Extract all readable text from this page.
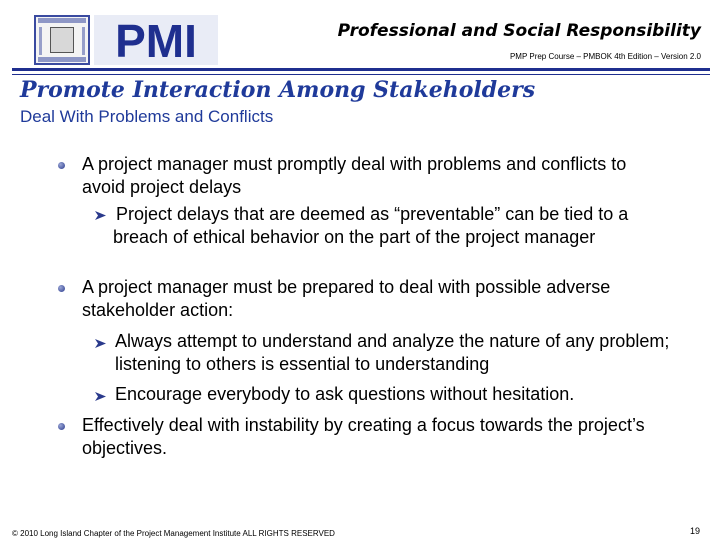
PMI	Professional and Social Responsibility
PMP Prep Course – PMBOK 4th Edition – Version 2.0
Promote Interaction Among Stakeholders
Deal With Problems and Conflicts
A project manager must promptly deal with problems and conflicts to avoid project delays
Project delays that are deemed as “preventable” can be tied to a breach of ethical behavior on the part of the project manager
A project manager must be prepared to deal with possible adverse stakeholder action:
Always attempt to understand and analyze the nature of any problem; listening to others is essential to understanding
Encourage everybody to ask questions without hesitation.
Effectively deal with instability by creating a focus towards the project’s objectives.
© 2010 Long Island Chapter of the Project Management Institute ALL RIGHTS RESERVED	19
